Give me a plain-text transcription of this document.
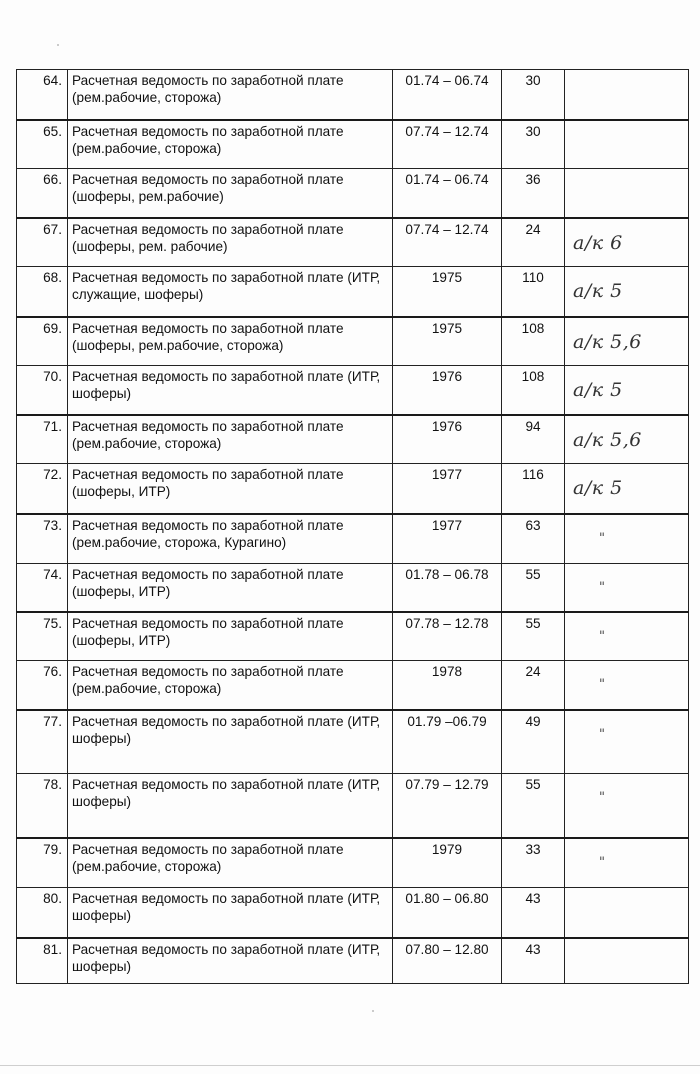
64.	Расчетная ведомость по заработной плате (рем.рабочие, сторожа)	01.74 – 06.74	30	
65.	Расчетная ведомость по заработной плате (рем.рабочие, сторожа)	07.74 – 12.74	30	
66.	Расчетная ведомость по заработной плате (шоферы, рем.рабочие)	01.74 – 06.74	36	
67.	Расчетная ведомость по заработной плате (шоферы, рем. рабочие)	07.74 – 12.74	24	а/к 6

68.	Расчетная ведомость по заработной плате (ИТР, служащие, шоферы)	1975	110	а/к 5

69.	Расчетная ведомость по заработной плате (шоферы, рем.рабочие, сторожа)	1975	108	а/к 5,6

70.	Расчетная ведомость по заработной плате (ИТР, шоферы)	1976	108	а/к 5

71.	Расчетная ведомость по заработной плате (рем.рабочие, сторожа)	1976	94	а/к 5,6

72.	Расчетная ведомость по заработной плате (шоферы, ИТР)	1977	116	а/к 5

73.	Расчетная ведомость по заработной плате (рем.рабочие, сторожа, Курагино)	1977	63	"

74.	Расчетная ведомость по заработной плате (шоферы, ИТР)	01.78 – 06.78	55	"

75.	Расчетная ведомость по заработной плате (шоферы, ИТР)	07.78 – 12.78	55	"

76.	Расчетная ведомость по заработной плате (рем.рабочие, сторожа)	1978	24	"

77.	Расчетная ведомость по заработной плате (ИТР, шоферы)	01.79 –06.79	49	"

78.	Расчетная ведомость по заработной плате (ИТР, шоферы)	07.79 – 12.79	55	"

79.	Расчетная ведомость по заработной плате (рем.рабочие, сторожа)	1979	33	"

80.	Расчетная ведомость по заработной плате (ИТР, шоферы)	01.80 – 06.80	43	
81.	Расчетная ведомость по заработной плате (ИТР, шоферы)	07.80 – 12.80	43	
